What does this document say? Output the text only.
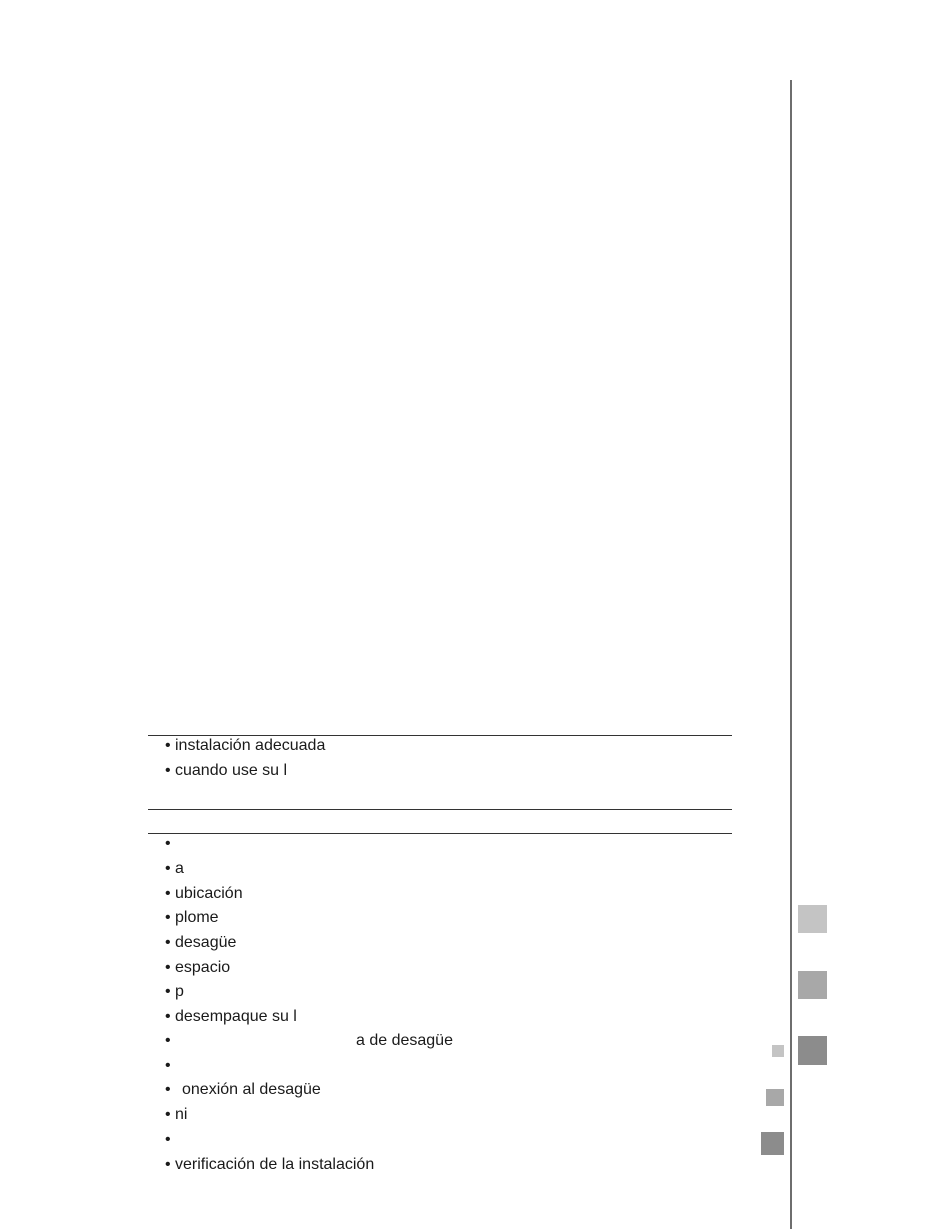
• instalación adecuada
• cuando use su l
•
• a
• ubicación
• plome
• desagüe
• espacio
• p
• desempaque su l
•	a de desagüe
•
• onexión al desagüe
• ni
•
• verificación de la instalación
